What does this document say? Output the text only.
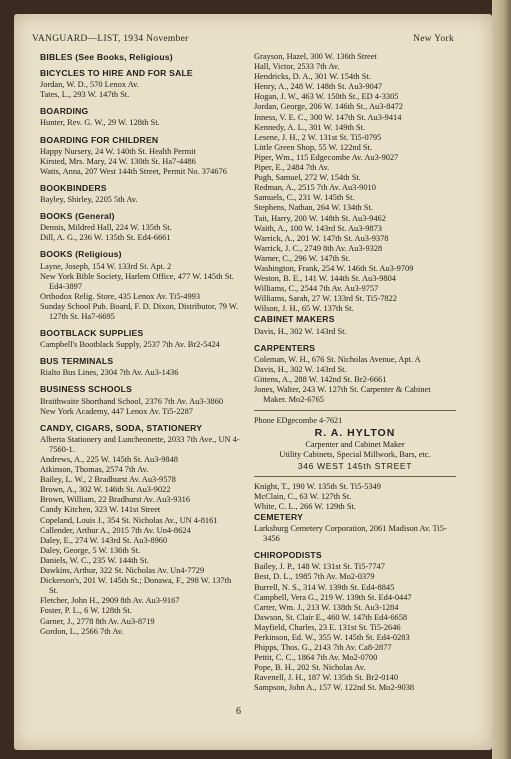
VANGUARD—LIST, 1934 November	New York
BIBLES (See Books, Religious)
BICYCLES TO HIRE AND FOR SALE
Jordan, W. D., 570 Lenox Av.
Tates, L., 293 W. 147th St.
BOARDING
Hunter, Rev. G. W., 29 W. 128th St.
BOARDING FOR CHILDREN
Happy Nursery, 24 W. 140th St. Health Permit
Kirsted, Mrs. Mary, 24 W. 130th St. Ha7-4486
Watts, Anna, 207 West 144th Street, Permit No. 374676
BOOKBINDERS
Bayley, Shirley, 2205 5th Av.
BOOKS (General)
Dennis, Mildred Hall, 224 W. 135th St.
Dill, A. G., 236 W. 135th St. Ed4-6661
BOOKS (Religious)
Layne, Joseph, 154 W. 133rd St. Apt. 2
New York Bible Society, Harlem Office, 477 W. 145th St. Ed4-3897
Orthodox Relig. Store, 435 Lenox Av. Ti5-4993
Sunday School Pub. Board, F. D. Dixon, Distributor, 79 W. 127th St. Ha7-6695
BOOTBLACK SUPPLIES
Campbell's Bootblack Supply, 2537 7th Av. Br2-5424
BUS TERMINALS
Rialto Bus Lines, 2304 7th Av. Au3-1436
BUSINESS SCHOOLS
Braithwaite Shorthand School, 2376 7th Av. Au3-3860
New York Academy, 447 Lenox Av. Ti5-2287
CANDY, CIGARS, SODA, STATIONERY
Alberta Stationery and Luncheonette, 2033 7th Ave., UN 4-7560-1.
Andrews, A., 225 W. 145th St. Au3-9848
Atkinson, Thomas, 2574 7th Av.
Bailey, L. W., 2 Bradhurst Av. Au3-9578
Brown, A., 302 W. 146th St. Au3-9022
Brown, William, 22 Bradhurst Av. Au3-9316
Candy Kitchen, 323 W. 141st Street
Copeland, Louis J., 354 St. Nicholas Av., UN 4-8161
Callender, Arthur A., 2015 7th Av. Un4-8624
Daley, E., 274 W. 143rd St. Au3-8960
Daley, George, 5 W. 136th St.
Daniels, W. C., 235 W. 144th St.
Dawkins, Arthur, 322 St. Nicholas Av. Un4-7729
Dickerson's, 201 W. 145th St.; Donawa, F., 298 W. 137th St.
Fletcher, John H., 2909 8th Av. Au3-9167
Foster, P. L., 6 W. 128th St.
Garner, J., 2778 8th Av. Au3-8719
Gordon, L., 2566 7th Av.
Grayson, Hazel, 300 W. 136th Street
Hall, Victor, 2533 7th Av.
Hendricks, D. A., 301 W. 154th St.
Henry, A., 248 W. 148th St. Au3-9047
Hogan, J. W., 463 W. 150th St., ED 4-3305
Jordan, George, 206 W. 146th St., Au3-8472
Inness, V. E. C., 300 W. 147th St. Au3-9414
Kennedy, A. L., 301 W. 149th St.
Lesene, J. H., 2 W. 131st St. Ti5-0795
Little Green Shop, 55 W. 122nd St.
Piper, Wm., 115 Edgecombe Av. Au3-9027
Piper, E., 2484 7th Av.
Pugh, Samuel, 272 W. 154th St.
Redman, A., 2515 7th Av. Au3-9010
Samuels, C., 231 W. 145th St.
Stephens, Nathan, 264 W. 134th St.
Tait, Harry, 200 W. 148th St. Au3-9462
Waith, A., 100 W. 143rd St. Au3-9873
Warrick, A., 201 W. 147th St. Au3-9378
Warrick, J. C., 2749 8th Av. Au3-9328
Warner, C., 296 W. 147th St.
Washington, Frank, 254 W. 146th St. Au3-9709
Weston, B. E., 141 W. 144th St. Au3-9804
Williams, C., 2544 7th Av. Au3-9757
Williams, Sarah, 27 W. 133rd St. Ti5-7822
Wilson, J. H., 65 W. 137th St.
CABINET MAKERS
Davis, H., 302 W. 143rd St.
CARPENTERS
Coleman, W. H., 676 St. Nicholas Avenue, Apt. A
Davis, H., 302 W. 143rd St.
Gittens, A., 288 W. 142nd St. Br2-6661
Jones, Walter, 243 W. 127th St. Carpenter & Cabinet Maker. Mo2-6765
Phone EDgecombe 4-7621
R. A. HYLTON
Carpenter and Cabinet Maker
Utility Cabinets, Special Millwork, Bars, etc.
346 WEST 145th STREET
Knight, T., 190 W. 135th St. Ti5-5349
McClain, C., 63 W. 127th St.
White, C. L., 266 W. 129th St.
CEMETERY
Larksburg Cemetery Corporation, 2061 Madison Av. Ti5-3456
CHIROPODISTS
Bailey, J. P., 148 W. 131st St. Ti5-7747
Best, D. L., 1985 7th Av. Mo2-0379
Burrell, N. S., 314 W. 139th St. Ed4-8845
Campbell, Vera G., 219 W. 139th St. Ed4-0447
Carter, Wm. J., 213 W. 138th St. Au3-1284
Dawson, St. Clair E., 460 W. 147th Ed4-6658
Mayfield, Charles, 23 E. 131st St. Ti5-2646
Perkinson, Ed. W., 355 W. 145th St. Ed4-0283
Phipps, Thos. G., 2143 7th Av. Ca8-2877
Pettit, C. C., 1864 7th Av. Mo2-0700
Pope, B. H., 202 St. Nicholas Av.
Ravenell, J. H., 187 W. 135th St. Br2-0140
Sampson, John A., 157 W. 122nd St. Mo2-9038
6
